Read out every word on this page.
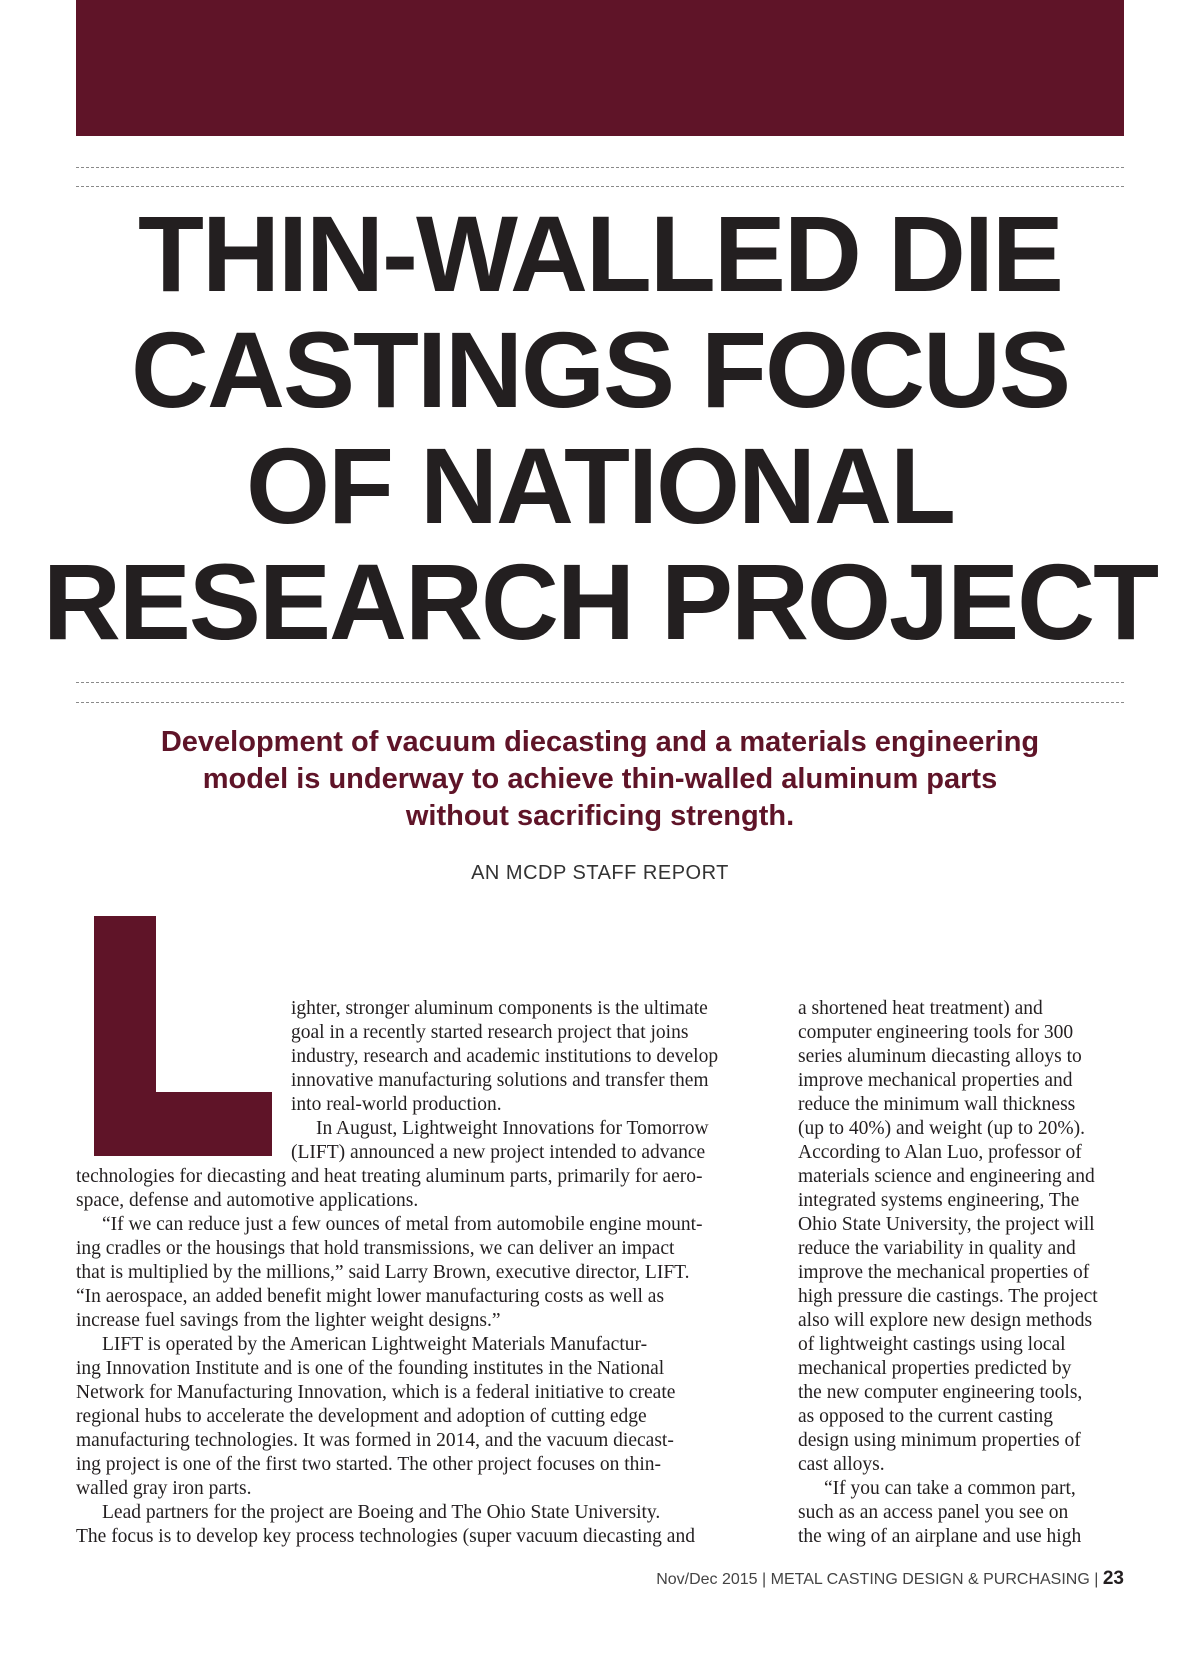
THIN-WALLED DIE
CASTINGS FOCUS
OF NATIONAL
RESEARCH PROJECT
Development of vacuum diecasting and a materials engineering
model is underway to achieve thin-walled aluminum parts
without sacrificing strength.
AN MCDP STAFF REPORT
ighter, stronger aluminum components is the ultimate
goal in a recently started research project that joins
industry, research and academic institutions to develop
innovative manufacturing solutions and transfer them
into real-world production.
In August, Lightweight Innovations for Tomorrow
(LIFT) announced a new project intended to advance
technologies for diecasting and heat treating aluminum parts, primarily for aero-
space, defense and automotive applications.
“If we can reduce just a few ounces of metal from automobile engine mount-
ing cradles or the housings that hold transmissions, we can deliver an impact
that is multiplied by the millions,” said Larry Brown, executive director, LIFT.
“In aerospace, an added benefit might lower manufacturing costs as well as
increase fuel savings from the lighter weight designs.”
LIFT is operated by the American Lightweight Materials Manufactur-
ing Innovation Institute and is one of the founding institutes in the National
Network for Manufacturing Innovation, which is a federal initiative to create
regional hubs to accelerate the development and adoption of cutting edge
manufacturing technologies. It was formed in 2014, and the vacuum diecast-
ing project is one of the first two started. The other project focuses on thin-
walled gray iron parts.
Lead partners for the project are Boeing and The Ohio State University.
The focus is to develop key process technologies (super vacuum diecasting and
a shortened heat treatment) and
computer engineering tools for 300
series aluminum diecasting alloys to
improve mechanical properties and
reduce the minimum wall thickness
(up to 40%) and weight (up to 20%).
According to Alan Luo, professor of
materials science and engineering and
integrated systems engineering, The
Ohio State University, the project will
reduce the variability in quality and
improve the mechanical properties of
high pressure die castings. The project
also will explore new design methods
of lightweight castings using local
mechanical properties predicted by
the new computer engineering tools,
as opposed to the current casting
design using minimum properties of
cast alloys.
“If you can take a common part,
such as an access panel you see on
the wing of an airplane and use high
Nov/Dec 2015 | METAL CASTING DESIGN & PURCHASING | 23
